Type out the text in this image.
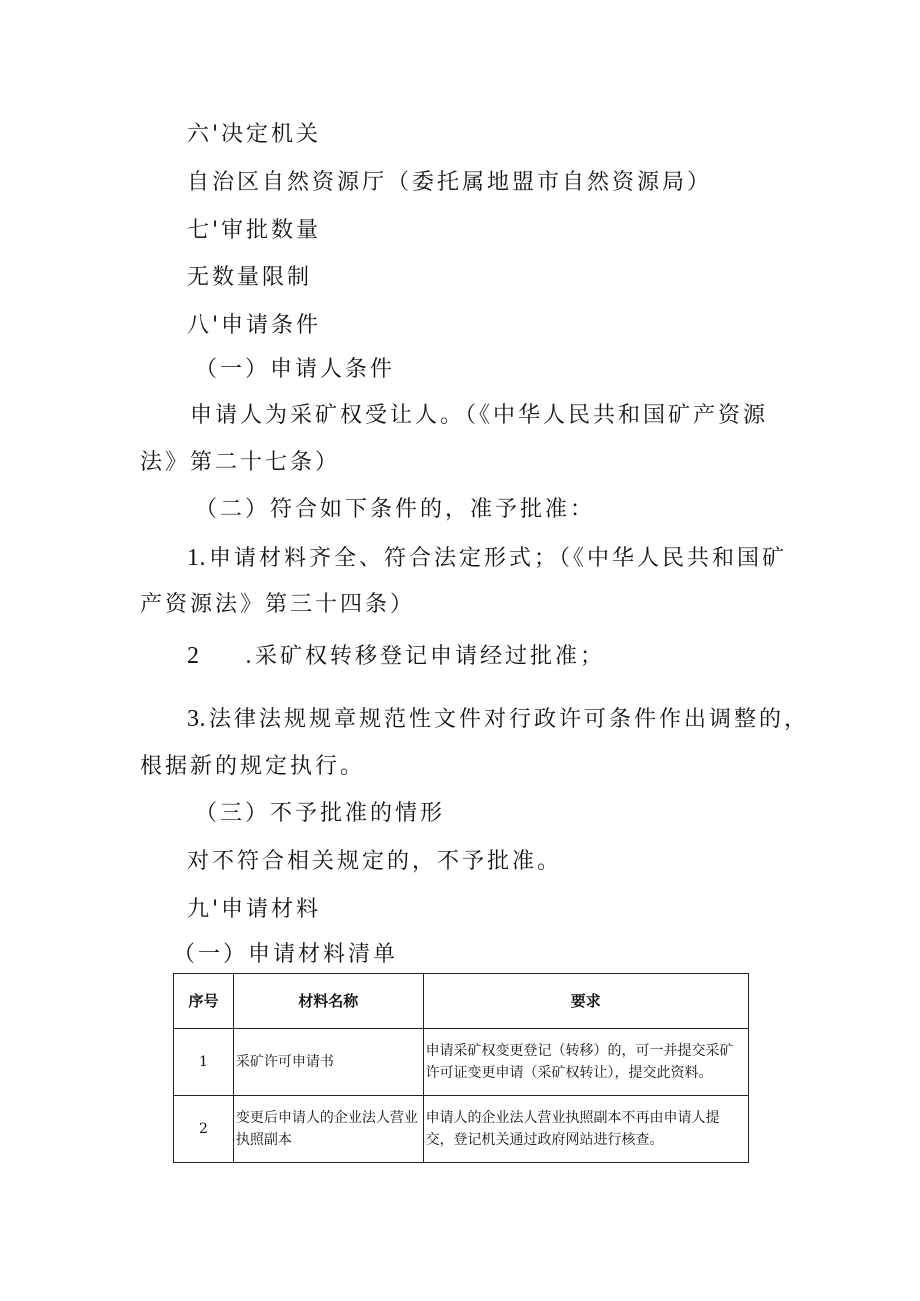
六'决定机关
自治区自然资源厅（委托属地盟市自然资源局）
七'审批数量
无数量限制
八'申请条件
（一）申请人条件
申请人为采矿权受让人。（《中华人民共和国矿产资源
法》第二十七条）
（二）符合如下条件的，准予批准：
1.申请材料齐全、符合法定形式；（《中华人民共和国矿
产资源法》第三十四条）
2 .采矿权转移登记申请经过批准；
3.法律法规规章规范性文件对行政许可条件作出调整的，
根据新的规定执行。
（三）不予批准的情形
对不符合相关规定的，不予批准。
九'申请材料
（一）申请材料清单
序号	材料名称	要求
1	采矿许可申请书	申请采矿权变更登记（转移）的，可一并提交采矿许可证变更申请（采矿权转让），提交此资料。
2	变更后申请人的企业法人营业执照副本	申请人的企业法人营业执照副本不再由申请人提交，登记机关通过政府网站进行核查。
